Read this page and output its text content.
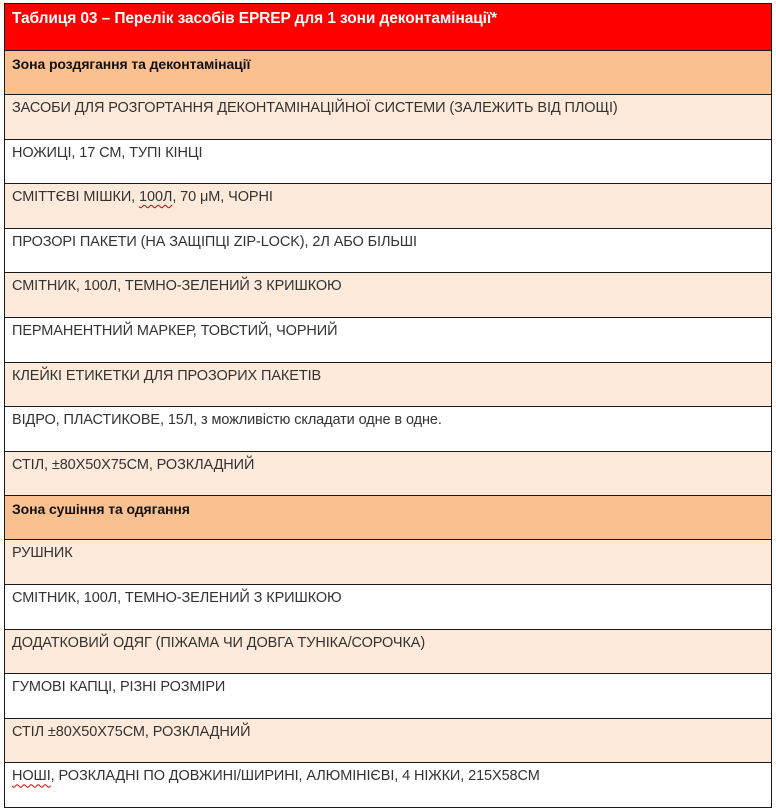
Таблиця 03 – Перелік засобів EPREP для 1 зони деконтамінації*
Зона роздягання та деконтамінації
ЗАСОБИ ДЛЯ РОЗГОРТАННЯ ДЕКОНТАМІНАЦІЙНОЇ СИСТЕМИ (ЗАЛЕЖИТЬ ВІД ПЛОЩІ)
НОЖИЦІ, 17 СМ, ТУПІ КІНЦІ
СМІТТЄВІ МІШКИ, 100Л, 70 μМ, ЧОРНІ
ПРОЗОРІ ПАКЕТИ (НА ЗАЩІПЦІ ZIP-LOCK), 2Л АБО БІЛЬШІ
СМІТНИК, 100Л, ТЕМНО-ЗЕЛЕНИЙ З КРИШКОЮ
ПЕРМАНЕНТНИЙ МАРКЕР, ТОВСТИЙ, ЧОРНИЙ
КЛЕЙКІ ЕТИКЕТКИ ДЛЯ ПРОЗОРИХ ПАКЕТІВ
ВІДРО, ПЛАСТИКОВЕ, 15Л, з можливістю складати одне в одне.
СТІЛ, ±80X50X75СМ, РОЗКЛАДНИЙ
Зона сушіння та одягання
РУШНИК
СМІТНИК, 100Л, ТЕМНО-ЗЕЛЕНИЙ З КРИШКОЮ
ДОДАТКОВИЙ ОДЯГ (ПІЖАМА ЧИ ДОВГА ТУНІКА/СОРОЧКА)
ГУМОВІ КАПЦІ, РІЗНІ РОЗМІРИ
СТІЛ ±80X50X75СМ, РОЗКЛАДНИЙ
НОШІ, РОЗКЛАДНІ ПО ДОВЖИНІ/ШИРИНІ, АЛЮМІНІЄВІ, 4 НІЖКИ, 215X58СМ
